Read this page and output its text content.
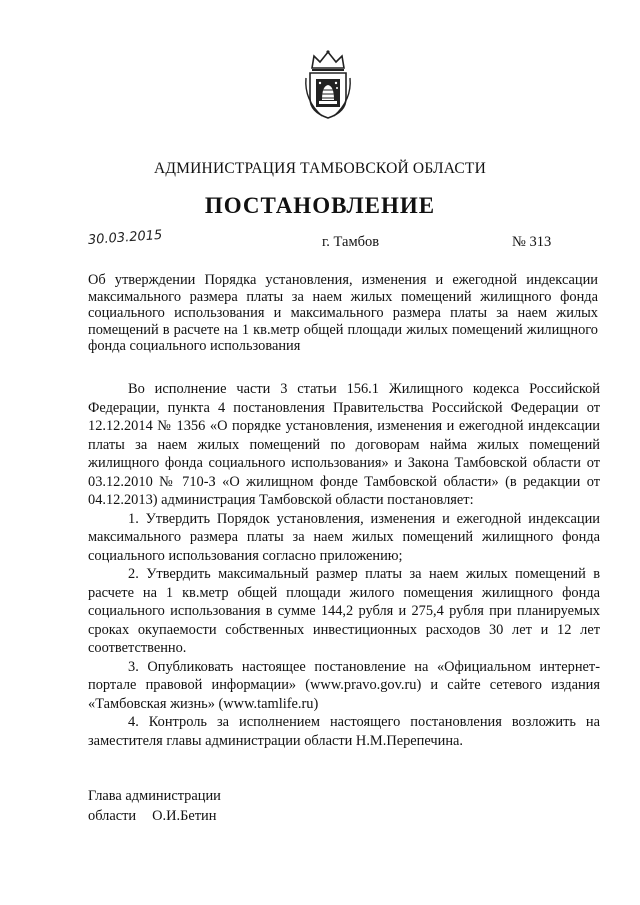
АДМИНИСТРАЦИЯ ТАМБОВСКОЙ ОБЛАСТИ
ПОСТАНОВЛЕНИЕ
30.03.2015	г. Тамбов	№ 313
Об утверждении Порядка установления, изменения и ежегодной индексации максимального размера платы за наем жилых помещений жилищного фонда социального использования и максимального размера платы за наем жилых помещений в расчете на 1 кв.метр общей площади жилых помещений жилищного фонда социального использования

Во исполнение части 3 статьи 156.1 Жилищного кодекса Российской Федерации, пункта 4 постановления Правительства Российской Федерации от 12.12.2014 № 1356 «О порядке установления, изменения и ежегодной индексации платы за наем жилых помещений по договорам найма жилых помещений жилищного фонда социального использования» и Закона Тамбовской области от 03.12.2010 № 710-З «О жилищном фонде Тамбовской области» (в редакции от 04.12.2013) администрация Тамбовской области постановляет:

1. Утвердить Порядок установления, изменения и ежегодной индексации максимального размера платы за наем жилых помещений жилищного фонда социального использования согласно приложению;

2. Утвердить максимальный размер платы за наем жилых помещений в расчете на 1 кв.метр общей площади жилого помещения жилищного фонда социального использования в сумме 144,2 рубля и 275,4 рубля при планируемых сроках окупаемости собственных инвестиционных расходов 30 лет и 12 лет соответственно.

3. Опубликовать настоящее постановление на «Официальном интернет-портале правовой информации» (www.pravo.gov.ru) и сайте сетевого издания «Тамбовская жизнь» (www.tamlife.ru)

4. Контроль за исполнением настоящего постановления возложить на заместителя главы администрации области Н.М.Перепечина.

Глава администрации
области О.И.Бетин
